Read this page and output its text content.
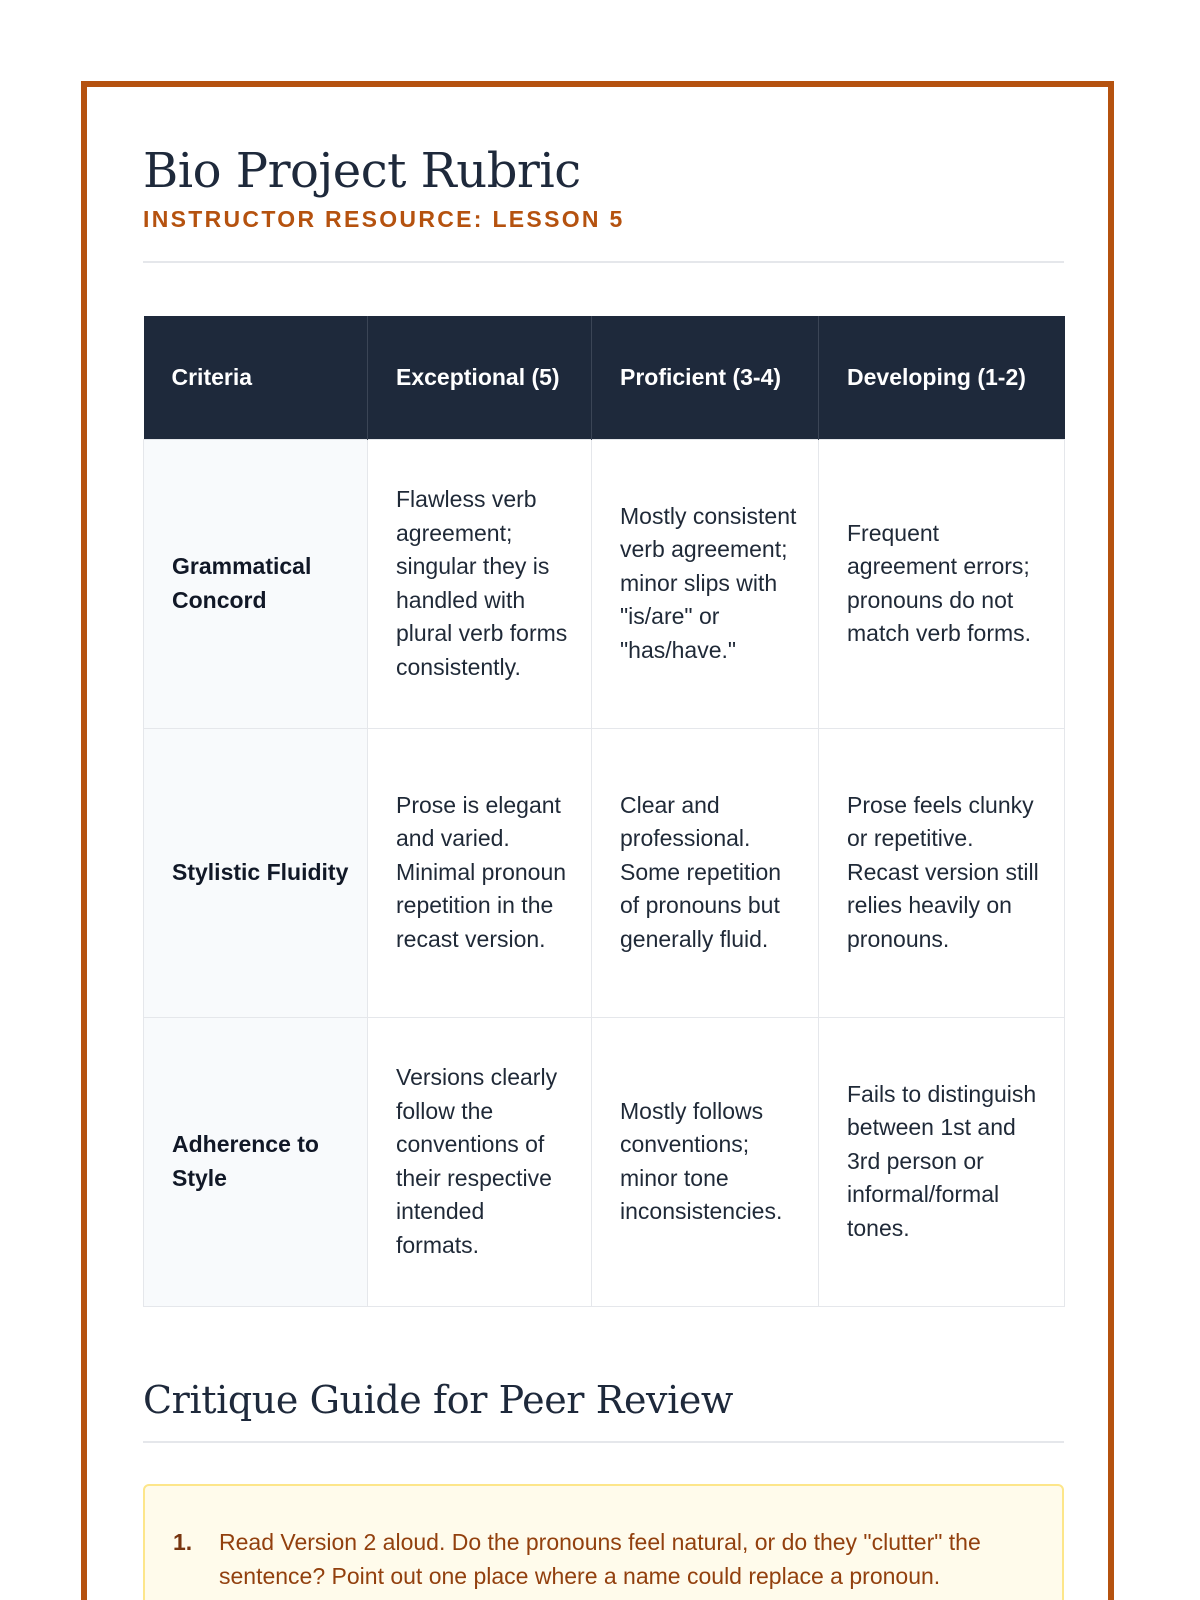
Bio Project Rubric
INSTRUCTOR RESOURCE: LESSON 5
Criteria	Exceptional (5)	Proficient (3-4)	Developing (1-2)
Grammatical Concord	Flawless verb agreement; singular they is handled with plural verb forms consistently.	Mostly consistent verb agreement; minor slips with "is/are" or "has/have."	Frequent agreement errors; pronouns do not match verb forms.
Stylistic Fluidity	Prose is elegant and varied. Minimal pronoun repetition in the recast version.	Clear and professional. Some repetition of pronouns but generally fluid.	Prose feels clunky or repetitive. Recast version still relies heavily on pronouns.
Adherence to Style	Versions clearly follow the conventions of their respective intended formats.	Mostly follows conventions; minor tone inconsistencies.	Fails to distinguish between 1st and 3rd person or informal/formal tones.
Critique Guide for Peer Review
1.	Read Version 2 aloud. Do the pronouns feel natural, or do they "clutter" the sentence? Point out one place where a name could replace a pronoun.
